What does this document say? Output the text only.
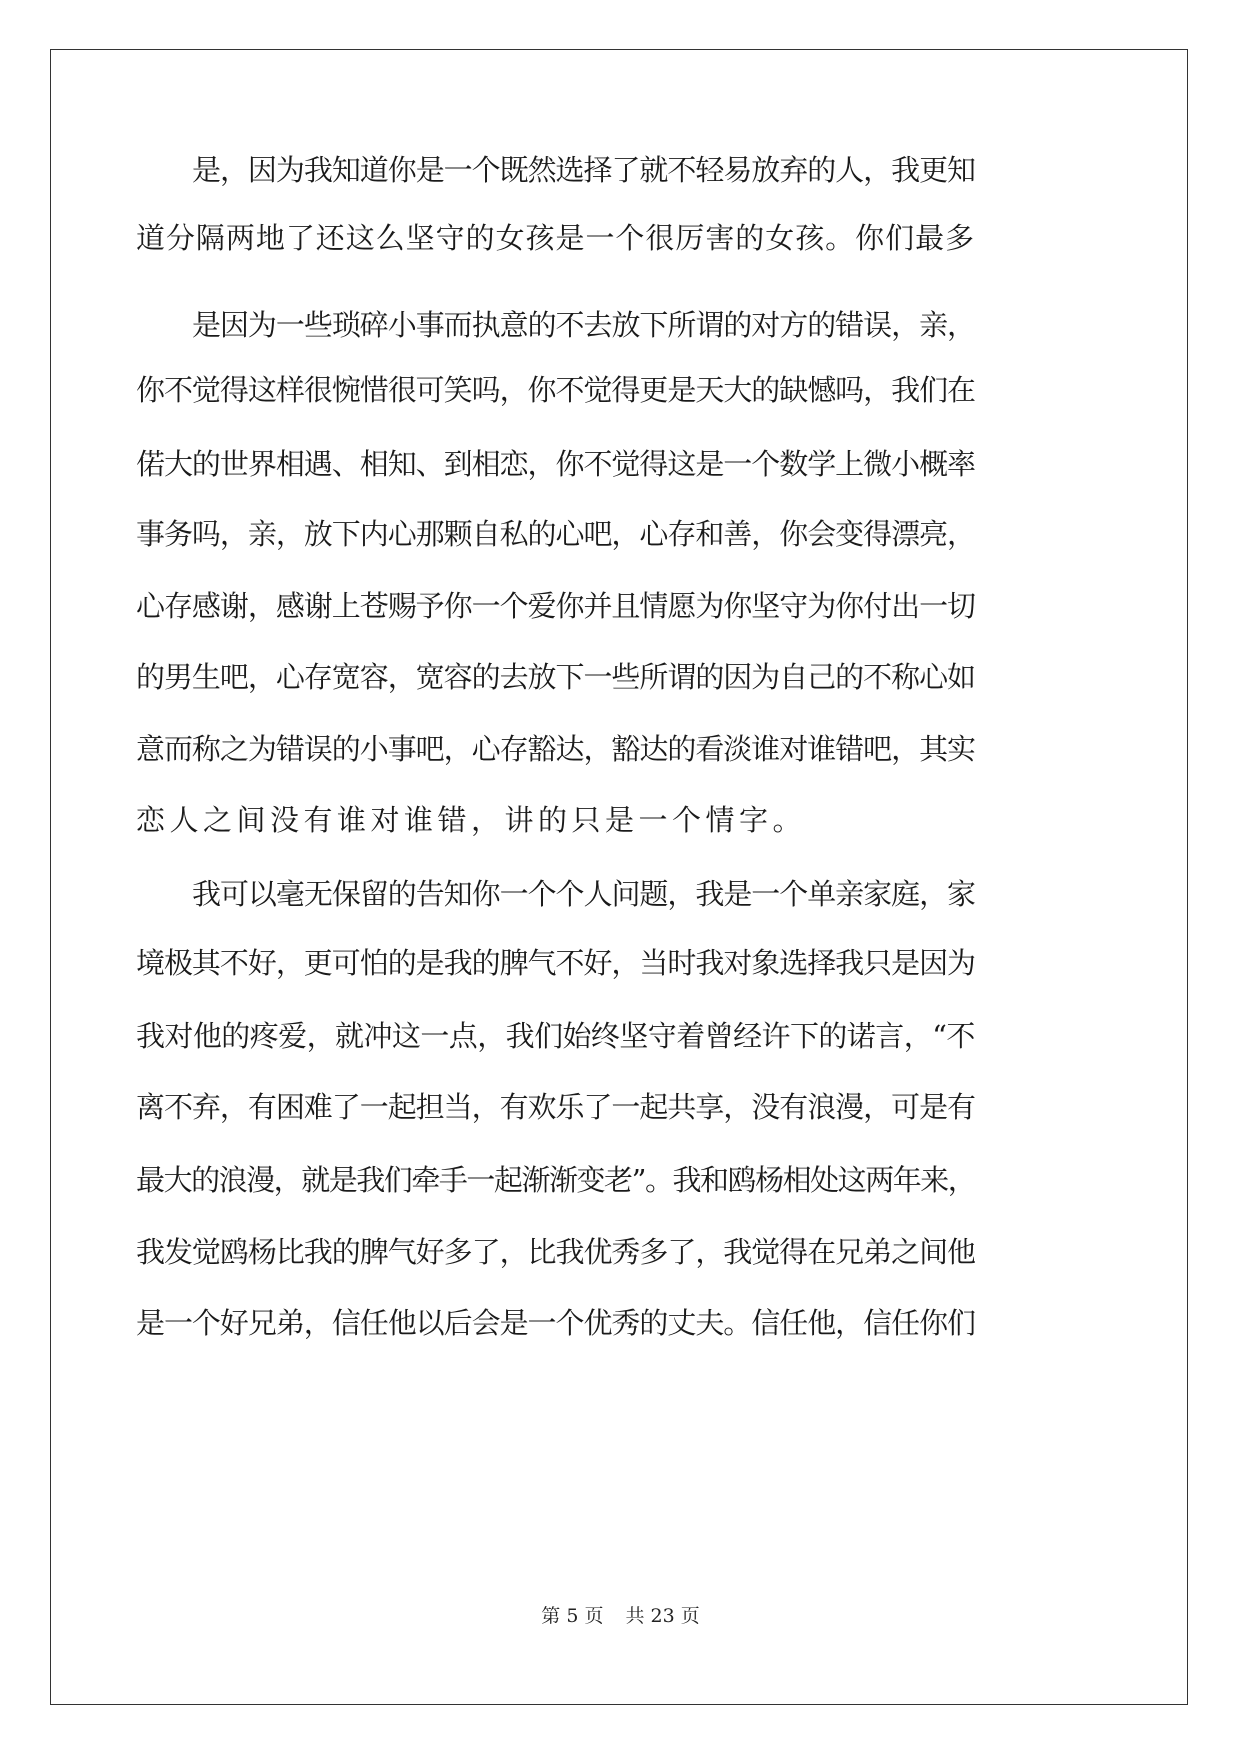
是，因为我知道你是一个既然选择了就不轻易放弃的人，我更知
道分隔两地了还这么坚守的女孩是一个很厉害的女孩。你们最多
是因为一些琐碎小事而执意的不去放下所谓的对方的错误，亲，
你不觉得这样很惋惜很可笑吗，你不觉得更是天大的缺憾吗，我们在
偌大的世界相遇、相知、到相恋，你不觉得这是一个数学上微小概率
事务吗，亲，放下内心那颗自私的心吧，心存和善，你会变得漂亮，
心存感谢，感谢上苍赐予你一个爱你并且情愿为你坚守为你付出一切
的男生吧，心存宽容，宽容的去放下一些所谓的因为自己的不称心如
意而称之为错误的小事吧，心存豁达，豁达的看淡谁对谁错吧，其实
恋人之间没有谁对谁错，讲的只是一个情字。
我可以毫无保留的告知你一个个人问题，我是一个单亲家庭，家
境极其不好，更可怕的是我的脾气不好，当时我对象选择我只是因为
我对他的疼爱，就冲这一点，我们始终坚守着曾经许下的诺言，“不
离不弃，有困难了一起担当，有欢乐了一起共享，没有浪漫，可是有
最大的浪漫，就是我们牵手一起渐渐变老”。我和鸥杨相处这两年来，
我发觉鸥杨比我的脾气好多了，比我优秀多了，我觉得在兄弟之间他
是一个好兄弟，信任他以后会是一个优秀的丈夫。信任他，信任你们
第 5 页 共 23 页
